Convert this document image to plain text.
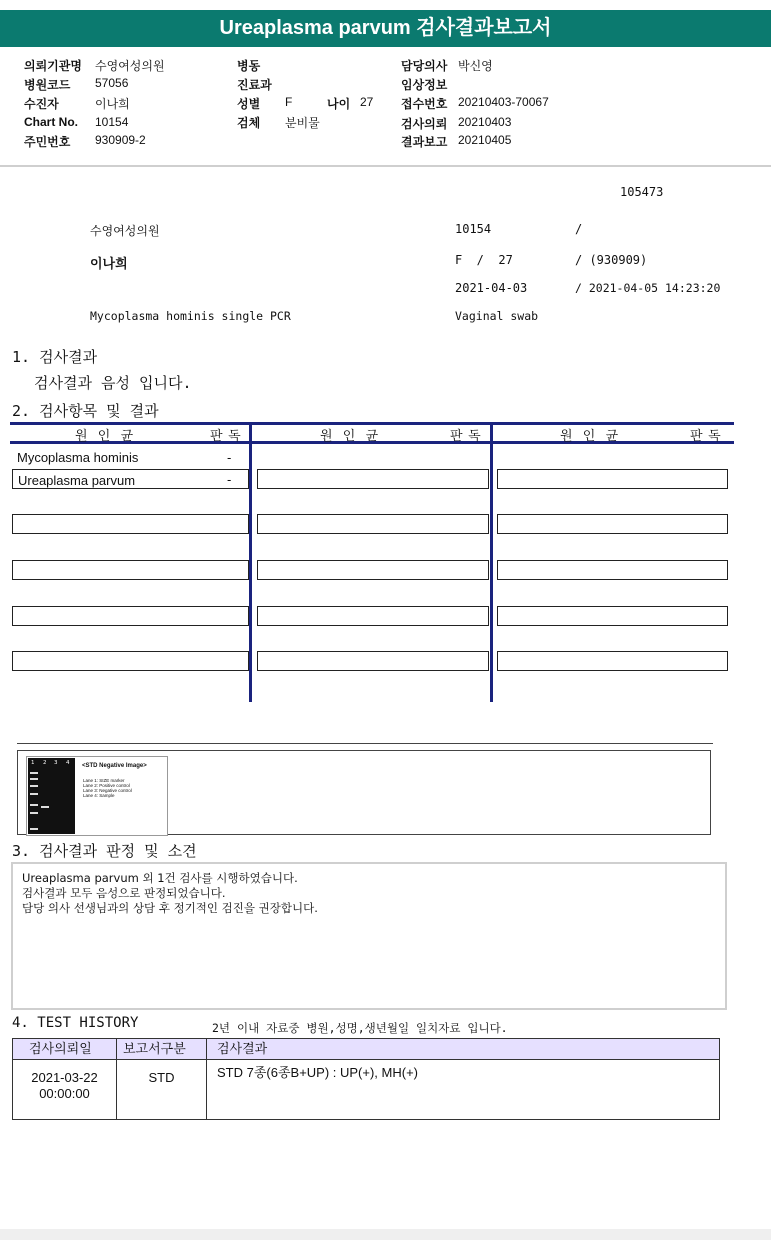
Ureaplasma parvum 검사결과보고서
의뢰기관명 수영여성의원
병원코드 57056
수진자	이나희
Chart No. 10154
주민번호 930909-2
병동
진료과
성별 F	나이 27
검체 분비물
담당의사 박신영
임상정보
접수번호 20210403-70067
검사의뢰 20210403
결과보고 20210405
105473
수영여성의원	10154	/
이나희	F  /  27	/ (930909)
2021-04-03	/ 2021-04-05 14:23:20
Mycoplasma hominis single PCR	Vaginal swab
1. 검사결과
검사결과 음성 입니다.
2. 검사항목 및 결과
원  인  균	판 독	원  인  균	판 독	원  인  균	판 독
Mycoplasma hominis	-
Ureaplasma parvum	-
1 2 3 4 <STD Negative Image>
Lane 1: SIZE marker
Lane 2: Positive control
Lane 3: Negative control
Lane 4: Sample
3. 검사결과 판정 및 소견
Ureaplasma parvum 외 1건 검사를 시행하였습니다.
검사결과 모두 음성으로 판정되었습니다.
담당 의사 선생님과의 상담 후 정기적인 검진을 권장합니다.
4. TEST HISTORY	2년 이내 자료중 병원,성명,생년월일 일치자료 입니다.
검사의뢰일	보고서구분	검사결과
2021-03-22
00:00:00
STD	STD 7종(6종B+UP) : UP(+), MH(+)
